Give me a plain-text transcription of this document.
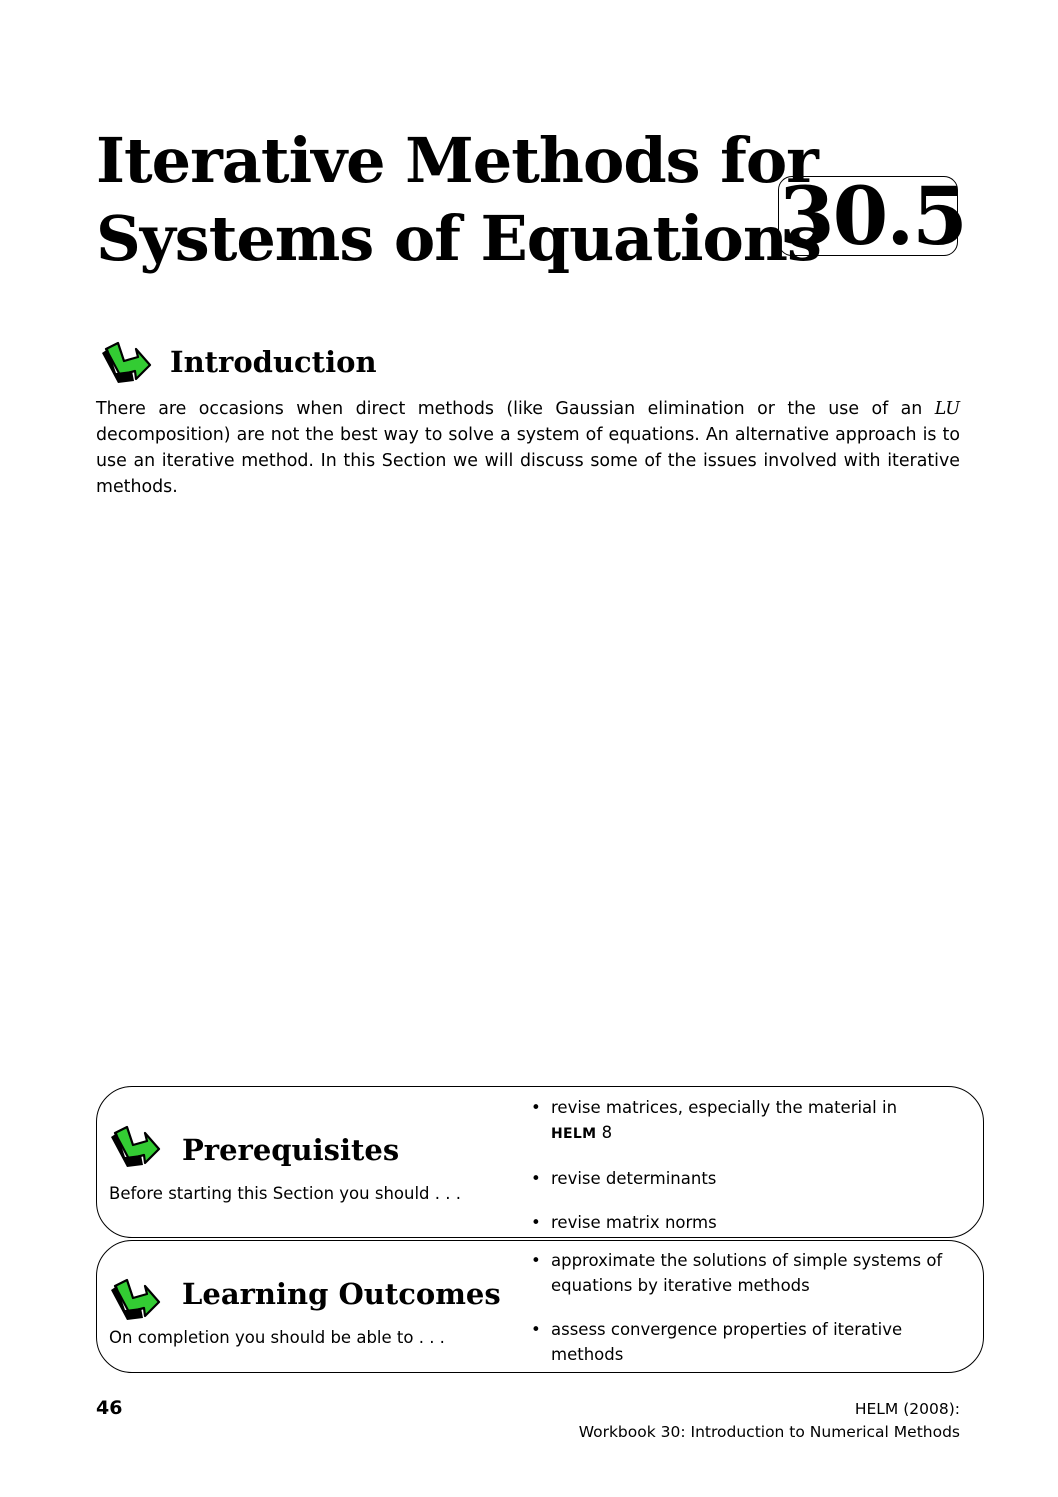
Iterative Methods for
Systems of Equations
30.5
Introduction

There are occasions when direct methods (like Gaussian elimination or the use of an LU decomposition) are not the best way to solve a system of equations. An alternative approach is to use an iterative method. In this Section we will discuss some of the issues involved with iterative methods.

Prerequisites

Before starting this Section you should . . .

• revise matrices, especially the material in
HELM 8
• revise determinants
• revise matrix norms
Learning Outcomes

On completion you should be able to . . .

• approximate the solutions of simple systems of equations by iterative methods
• assess convergence properties of iterative methods
46	HELM (2008):
Workbook 30: Introduction to Numerical Methods
